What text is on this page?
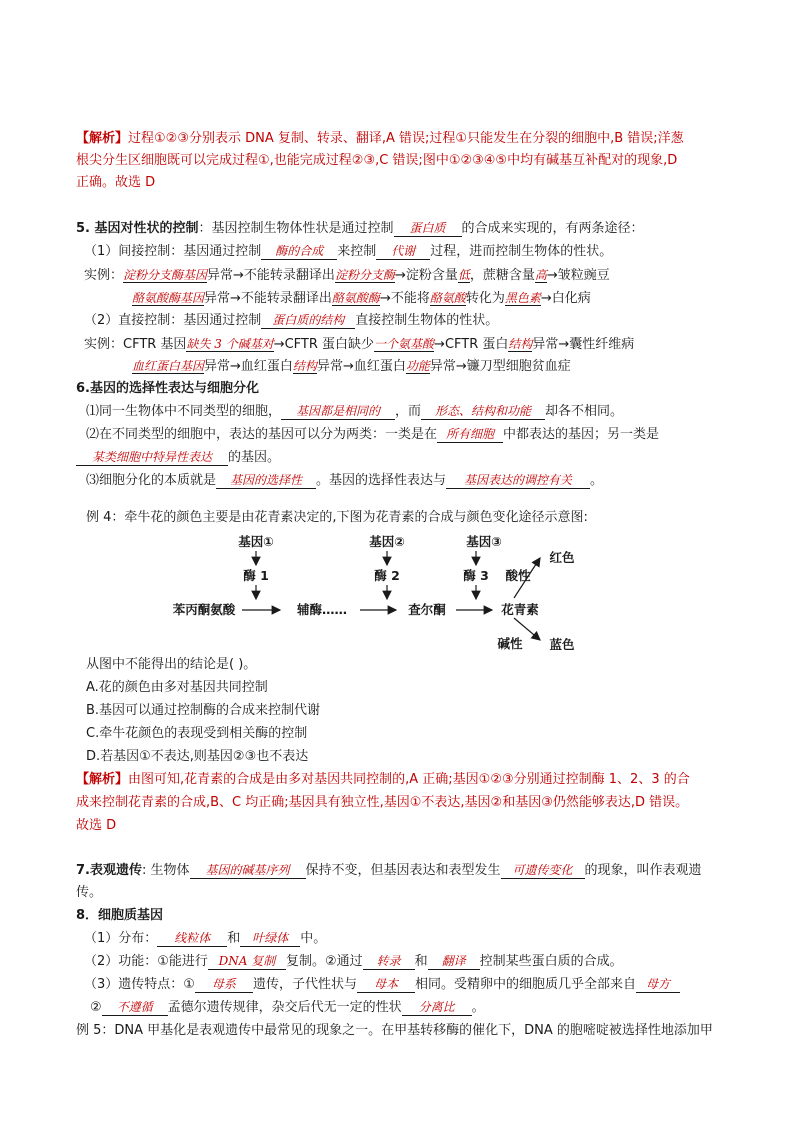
【解析】过程①②③分别表示 DNA 复制、转录、翻译,A 错误;过程①只能发生在分裂的细胞中,B 错误;洋葱
根尖分生区细胞既可以完成过程①,也能完成过程②③,C 错误;图中①②③④⑤中均有碱基互补配对的现象,D
正确。故选 D
5. 基因对性状的控制：基因控制生物体性状是通过控制 蛋白质 的合成来实现的，有两条途径：
（1）间接控制：基因通过控制 酶的合成 来控制 代谢 过程，进而控制生物体的性状。
实例：淀粉分支酶基因异常→不能转录翻译出淀粉分支酶→淀粉含量低，蔗糖含量高→皱粒豌豆
酪氨酸酶基因异常→不能转录翻译出酪氨酸酶→不能将酪氨酸转化为黑色素→白化病
（2）直接控制：基因通过控制 蛋白质的结构 直接控制生物体的性状。
实例：CFTR 基因缺失 3 个碱基对→CFTR 蛋白缺少一个氨基酸→CFTR 蛋白结构异常→囊性纤维病
血红蛋白基因异常→血红蛋白结构异常→血红蛋白功能异常→镰刀型细胞贫血症
6.基因的选择性表达与细胞分化
⑴同一生物体中不同类型的细胞， 基因都是相同的 ，而 形态、结构和功能 却各不相同。
⑵在不同类型的细胞中，表达的基因可以分为两类：一类是在 所有细胞 中都表达的基因；另一类是
某类细胞中特异性表达 的基因。
⑶细胞分化的本质就是 基因的选择性 。基因的选择性表达与 基因表达的调控有关 。
例 4：牵牛花的颜色主要是由花青素决定的,下图为花青素的合成与颜色变化途径示意图:
基因①	基因②	基因③
酶 1	酶 2	酶 3
苯丙酮氨酸	辅酶……	查尔酮	花青素
酸性
红色
碱性 蓝色
从图中不能得出的结论是( )。
A.花的颜色由多对基因共同控制
B.基因可以通过控制酶的合成来控制代谢
C.牵牛花颜色的表现受到相关酶的控制
D.若基因①不表达,则基因②③也不表达
【解析】由图可知,花青素的合成是由多对基因共同控制的,A 正确;基因①②③分别通过控制酶 1、2、3 的合
成来控制花青素的合成,B、C 均正确;基因具有独立性,基因①不表达,基因②和基因③仍然能够表达,D 错误。
故选 D
7.表观遗传: 生物体 基因的碱基序列 保持不变，但基因表达和表型发生 可遗传变化 的现象，叫作表观遗
传。
8．细胞质基因
（1）分布： 线粒体 和 叶绿体 中。
（2）功能：①能进行 DNA 复制 复制。②通过 转录 和 翻译 控制某些蛋白质的合成。
（3）遗传特点：① 母系 遗传，子代性状与 母本 相同。受精卵中的细胞质几乎全部来自 母方
② 不遵循 孟德尔遗传规律，杂交后代无一定的性状 分离比 。
例 5：DNA 甲基化是表观遗传中最常见的现象之一。在甲基转移酶的催化下，DNA 的胞嘧啶被选择性地添加甲
